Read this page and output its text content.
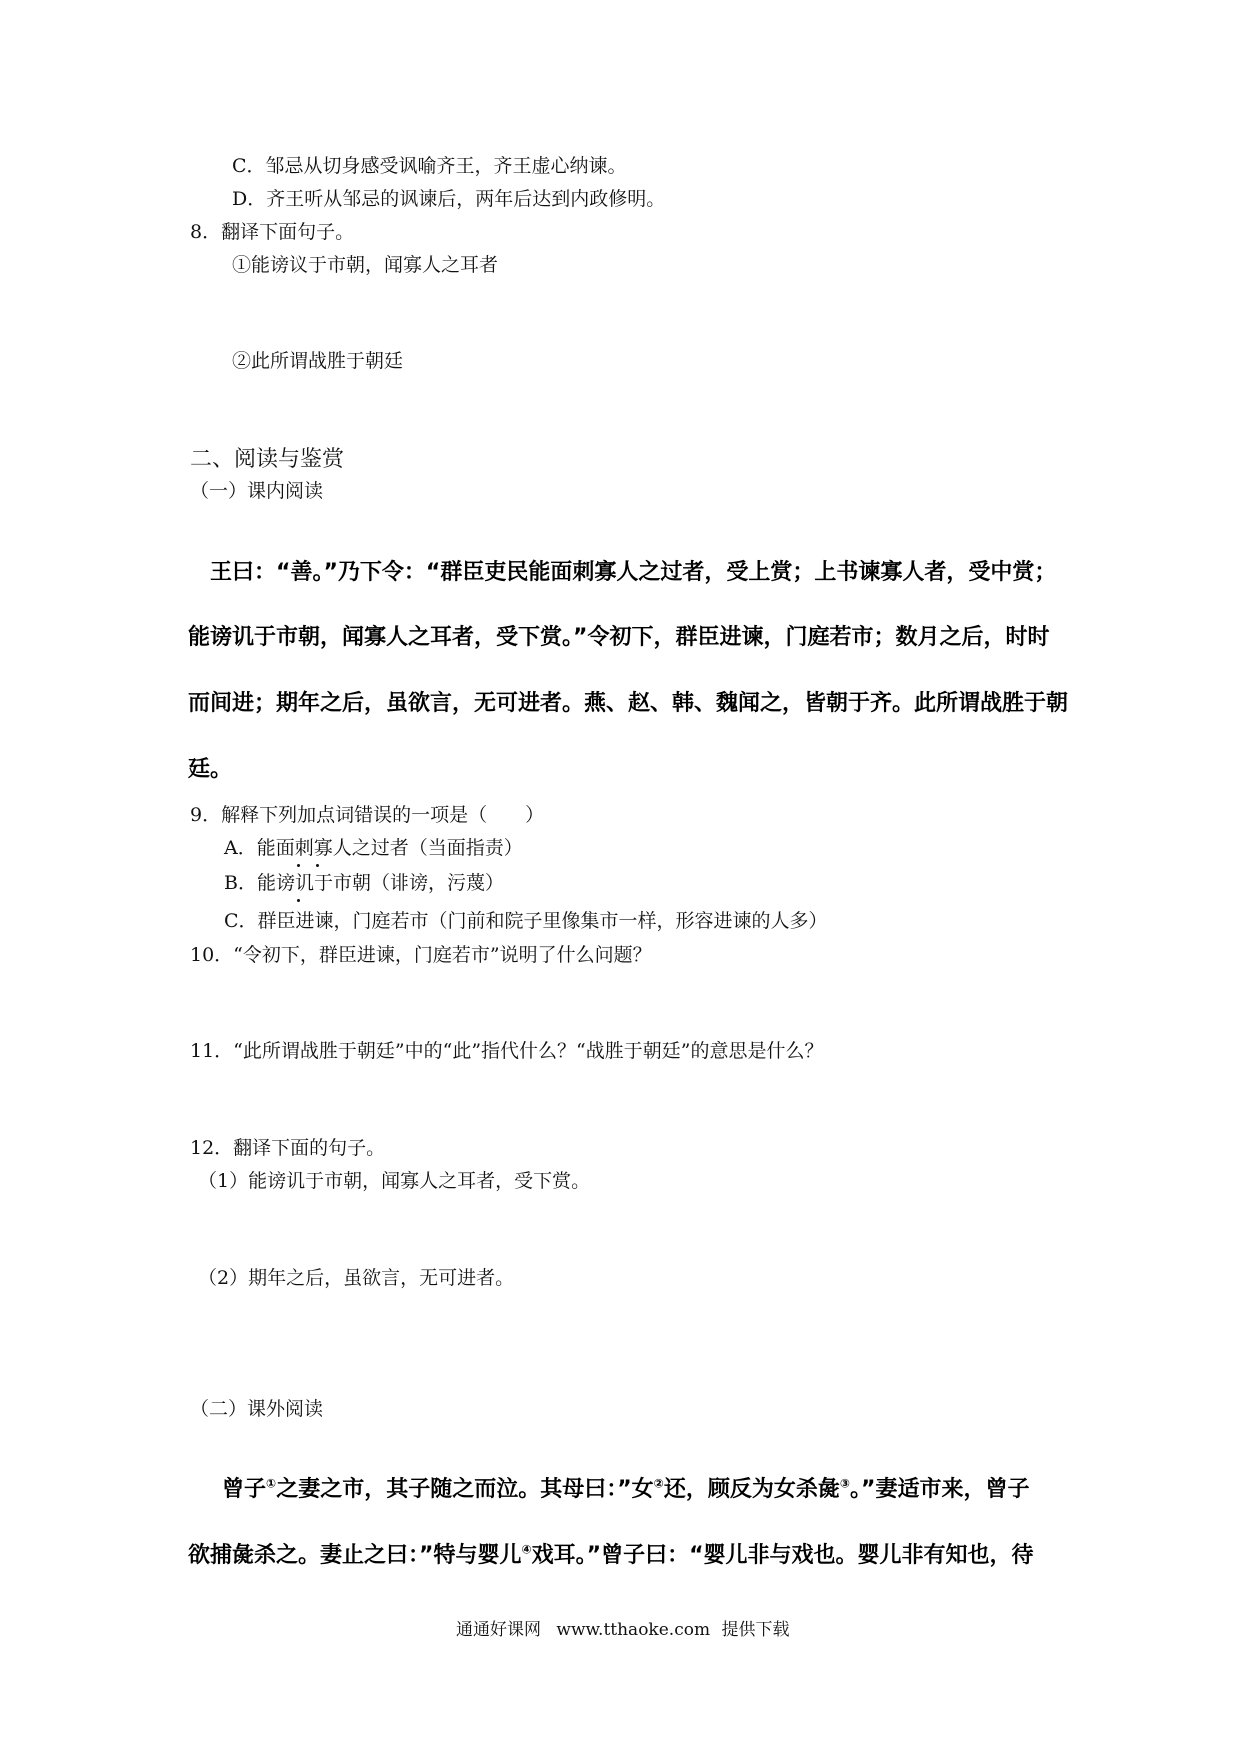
C．邹忌从切身感受讽喻齐王，齐王虚心纳谏。
D．齐王听从邹忌的讽谏后，两年后达到内政修明。
8．翻译下面句子。
①能谤议于市朝，闻寡人之耳者
②此所谓战胜于朝廷
二、阅读与鉴赏
（一）课内阅读
王曰：“善。”乃下令：“群臣吏民能面刺寡人之过者，受上赏；上书谏寡人者，受中赏；
能谤讥于市朝，闻寡人之耳者，受下赏。”令初下，群臣进谏，门庭若市；数月之后，时时
而间进；期年之后，虽欲言，无可进者。燕、赵、韩、魏闻之，皆朝于齐。此所谓战胜于朝
廷。
9．解释下列加点词错误的一项是（　　）
A．能面刺寡人之过者（当面指责）
B．能谤讥于市朝（诽谤，污蔑）
C．群臣进谏，门庭若市（门前和院子里像集市一样，形容进谏的人多）
10．“令初下，群臣进谏，门庭若市”说明了什么问题？
11．“此所谓战胜于朝廷”中的“此”指代什么？“战胜于朝廷”的意思是什么？
12．翻译下面的句子。
（1）能谤讥于市朝，闻寡人之耳者，受下赏。
（2）期年之后，虽欲言，无可进者。
（二）课外阅读
曾子①之妻之市，其子随之而泣。其母曰：”女②还，顾反为女杀彘③。”妻适市来，曾子
欲捕彘杀之。妻止之曰：”特与婴儿④戏耳。”曾子曰：“婴儿非与戏也。婴儿非有知也，待
通通好课网 www.tthaoke.com 提供下载
